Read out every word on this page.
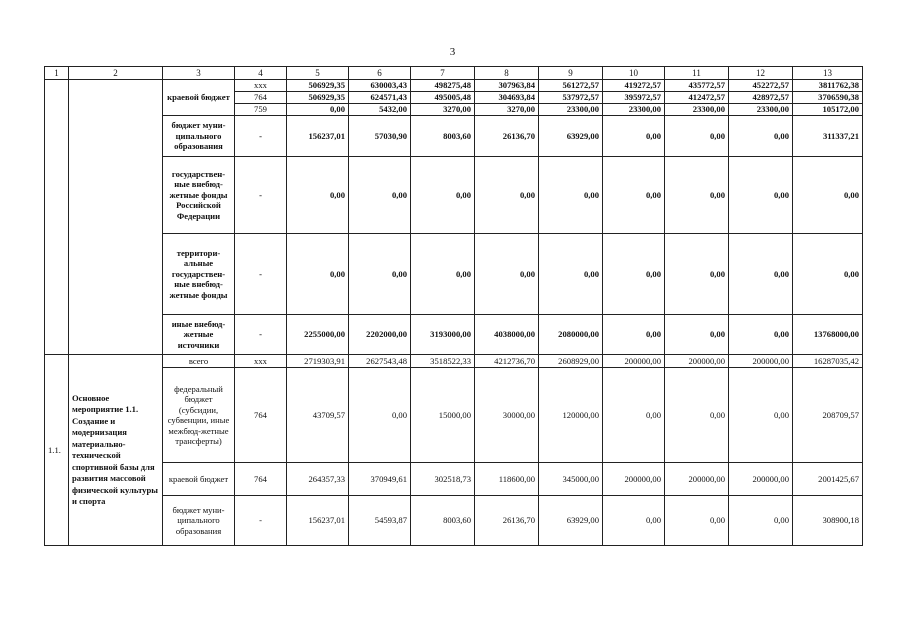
3
1	2	3	4	5	6	7	8	9	10	11	12	13
		краевой бюджет	xxx	506929,35	630003,43	498275,48	307963,84	561272,57	419272,57	435772,57	452272,57	3811762,38
			764	506929,35	624571,43	495005,48	304693,84	537972,57	395972,57	412472,57	428972,57	3706590,38
			759	0,00	5432,00	3270,00	3270,00	23300,00	23300,00	23300,00	23300,00	105172,00
		бюджет муни-ципального образования	-	156237,01	57030,90	8003,60	26136,70	63929,00	0,00	0,00	0,00	311337,21
		государствен-ные внебюд-жетные фонды Российской Федерации	-	0,00	0,00	0,00	0,00	0,00	0,00	0,00	0,00	0,00
		территори-альные государствен-ные внебюд-жетные фонды	-	0,00	0,00	0,00	0,00	0,00	0,00	0,00	0,00	0,00
		иные внебюд-жетные источники	-	2255000,00	2202000,00	3193000,00	4038000,00	2080000,00	0,00	0,00	0,00	13768000,00

1.1.	Основное мероприятие 1.1. Создание и модернизация материально-технической спортивной базы для развития массовой физической культуры и спорта	всего	xxx	2719303,91	2627543,48	3518522,33	4212736,70	2608929,00	200000,00	200000,00	200000,00	16287035,42
		федеральный бюджет (субсидии, субвенции, иные межбюд-жетные трансферты)	764	43709,57	0,00	15000,00	30000,00	120000,00	0,00	0,00	0,00	208709,57
		краевой бюджет	764	264357,33	370949,61	302518,73	118600,00	345000,00	200000,00	200000,00	200000,00	2001425,67
		бюджет муни-ципального образования	-	156237,01	54593,87	8003,60	26136,70	63929,00	0,00	0,00	0,00	308900,18
